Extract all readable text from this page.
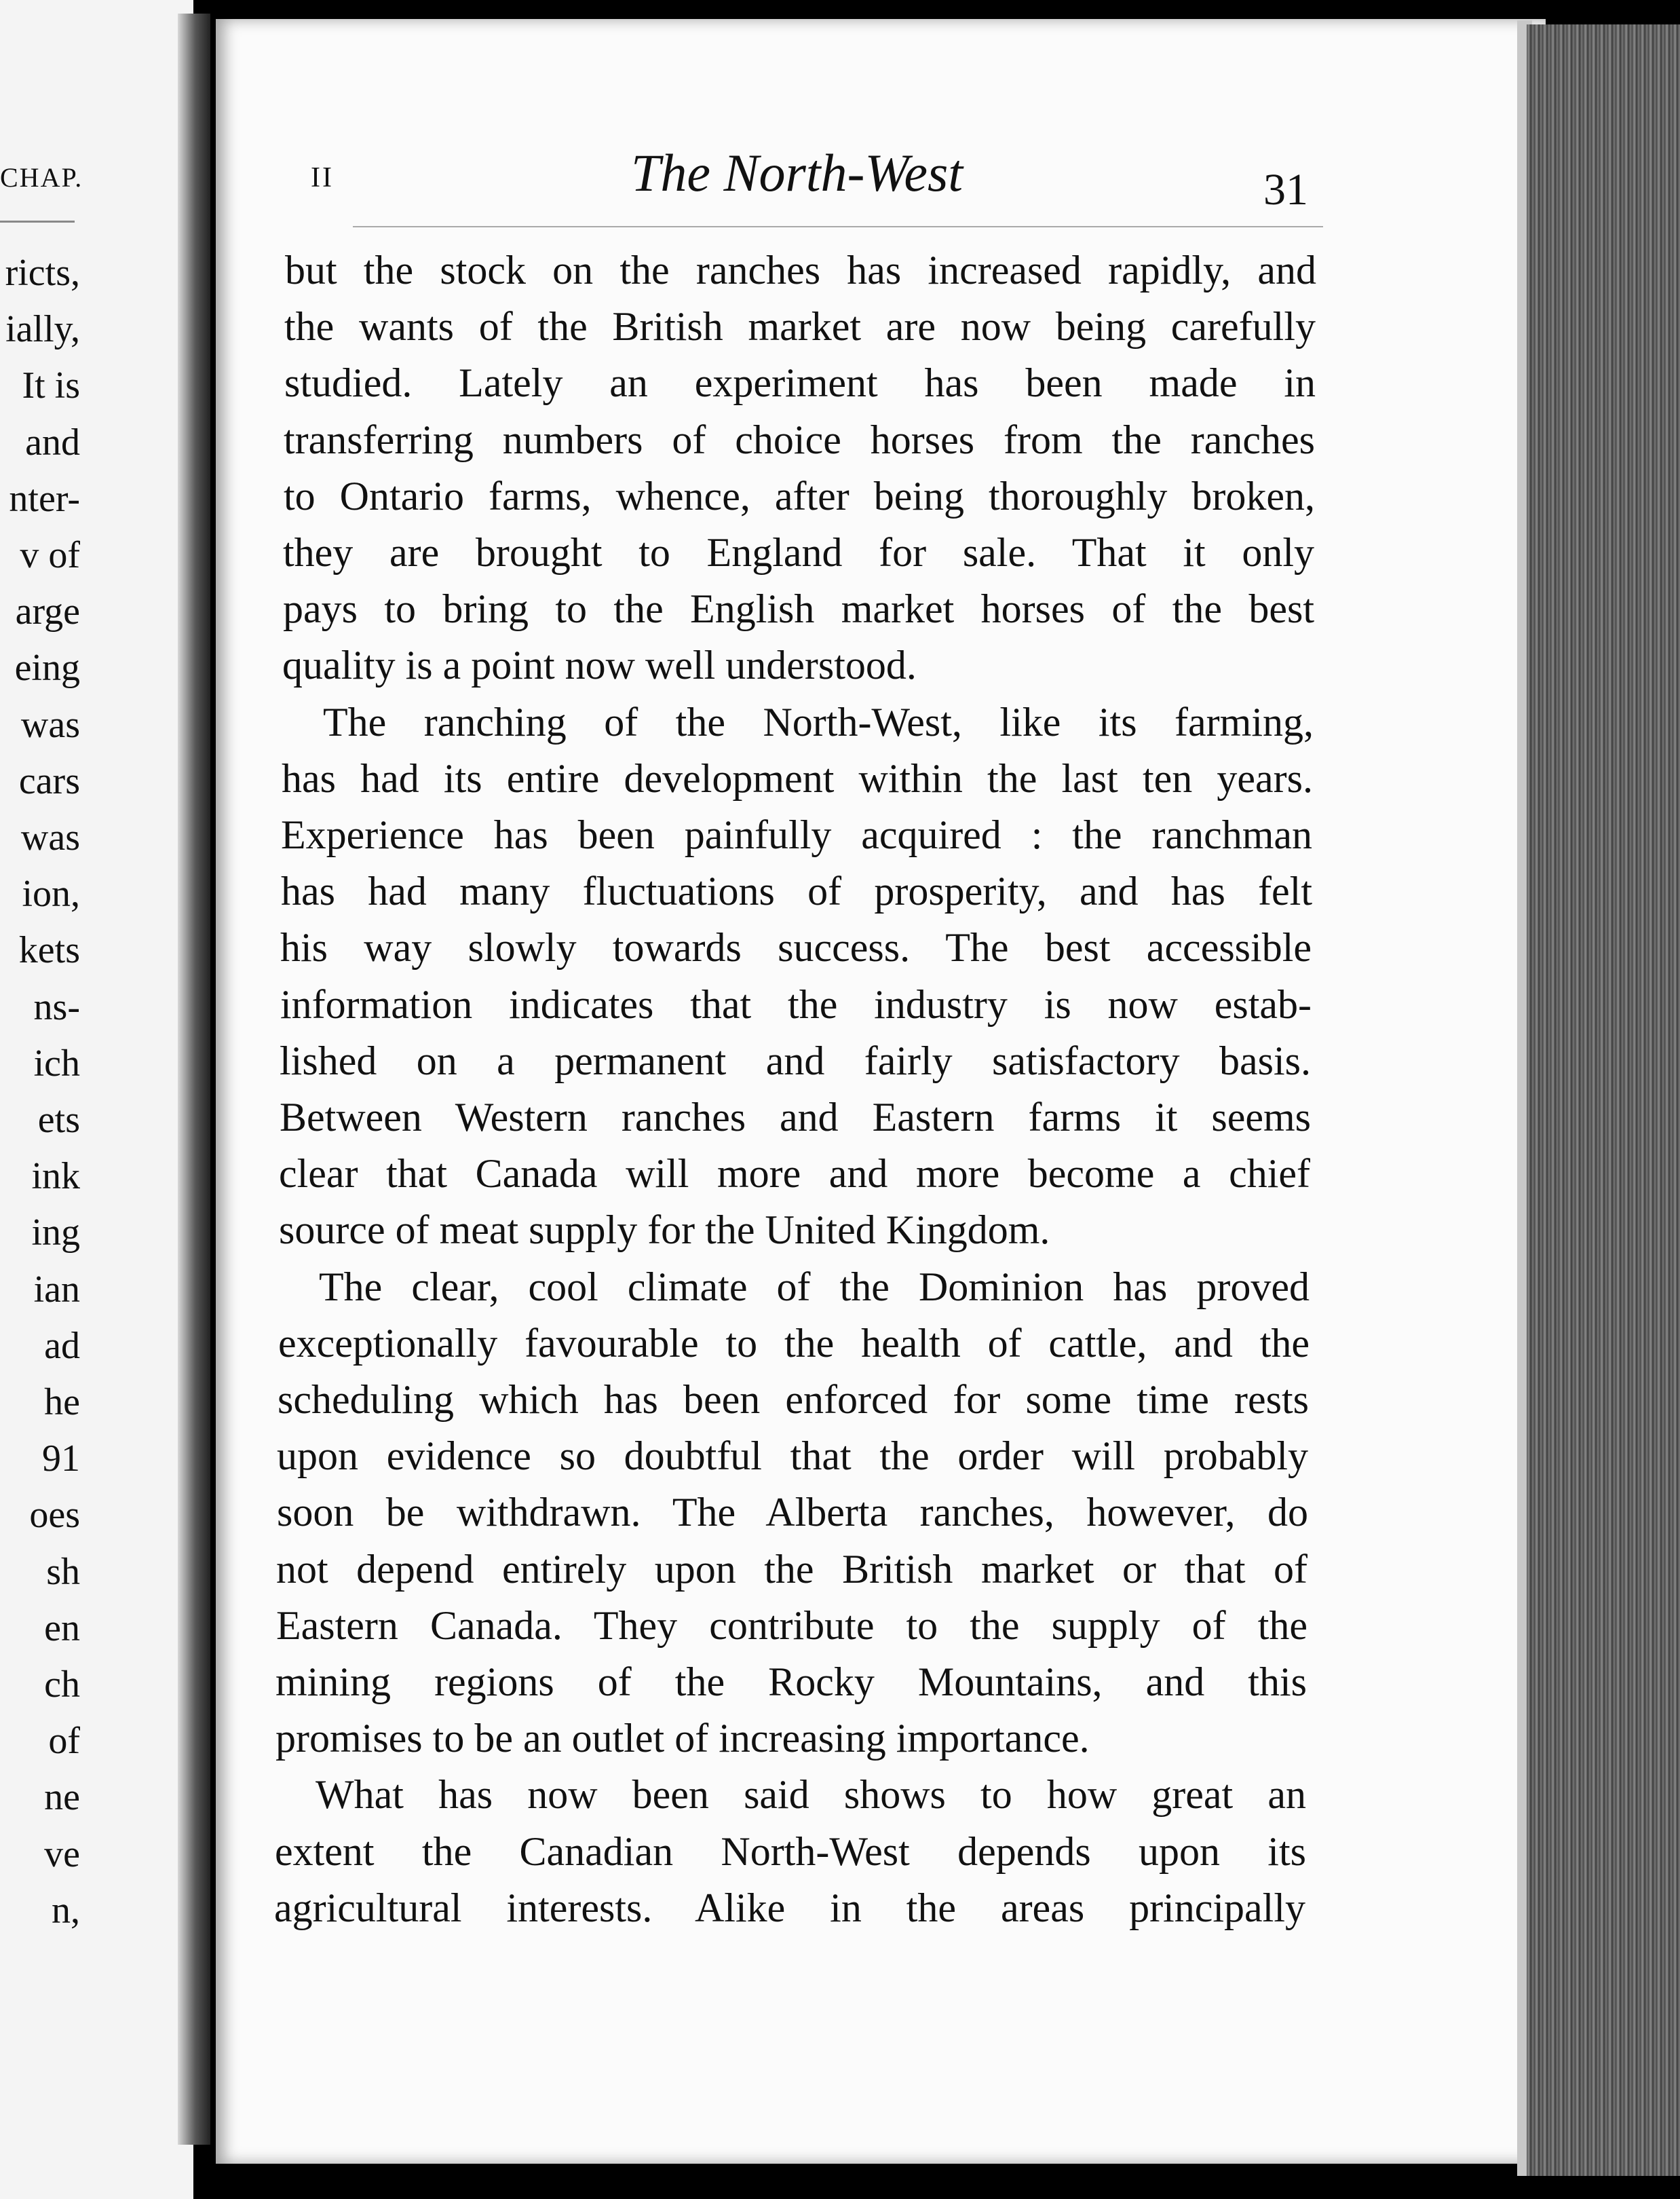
CHAP.
ricts,
ially,
It is
and
nter-
v of
arge
eing
was
cars
was
ion,
kets
ns-
ich
ets
ink
ing
ian
ad
he
91
oes
sh
en
ch
of
ne
ve
n,
II	The North-West	31
but the stock on the ranches has increased rapidly, and
the wants of the British market are now being carefully
studied. Lately an experiment has been made in
transferring numbers of choice horses from the ranches
to Ontario farms, whence, after being thoroughly broken,
they are brought to England for sale. That it only
pays to bring to the English market horses of the best
quality is a point now well understood.
The ranching of the North-West, like its farming,
has had its entire development within the last ten years.
Experience has been painfully acquired : the ranchman
has had many fluctuations of prosperity, and has felt
his way slowly towards success. The best accessible
information indicates that the industry is now estab-
lished on a permanent and fairly satisfactory basis.
Between Western ranches and Eastern farms it seems
clear that Canada will more and more become a chief
source of meat supply for the United Kingdom.
The clear, cool climate of the Dominion has proved
exceptionally favourable to the health of cattle, and the
scheduling which has been enforced for some time rests
upon evidence so doubtful that the order will probably
soon be withdrawn. The Alberta ranches, however, do
not depend entirely upon the British market or that of
Eastern Canada. They contribute to the supply of the
mining regions of the Rocky Mountains, and this
promises to be an outlet of increasing importance.
What has now been said shows to how great an
extent the Canadian North-West depends upon its
agricultural interests. Alike in the areas principally
